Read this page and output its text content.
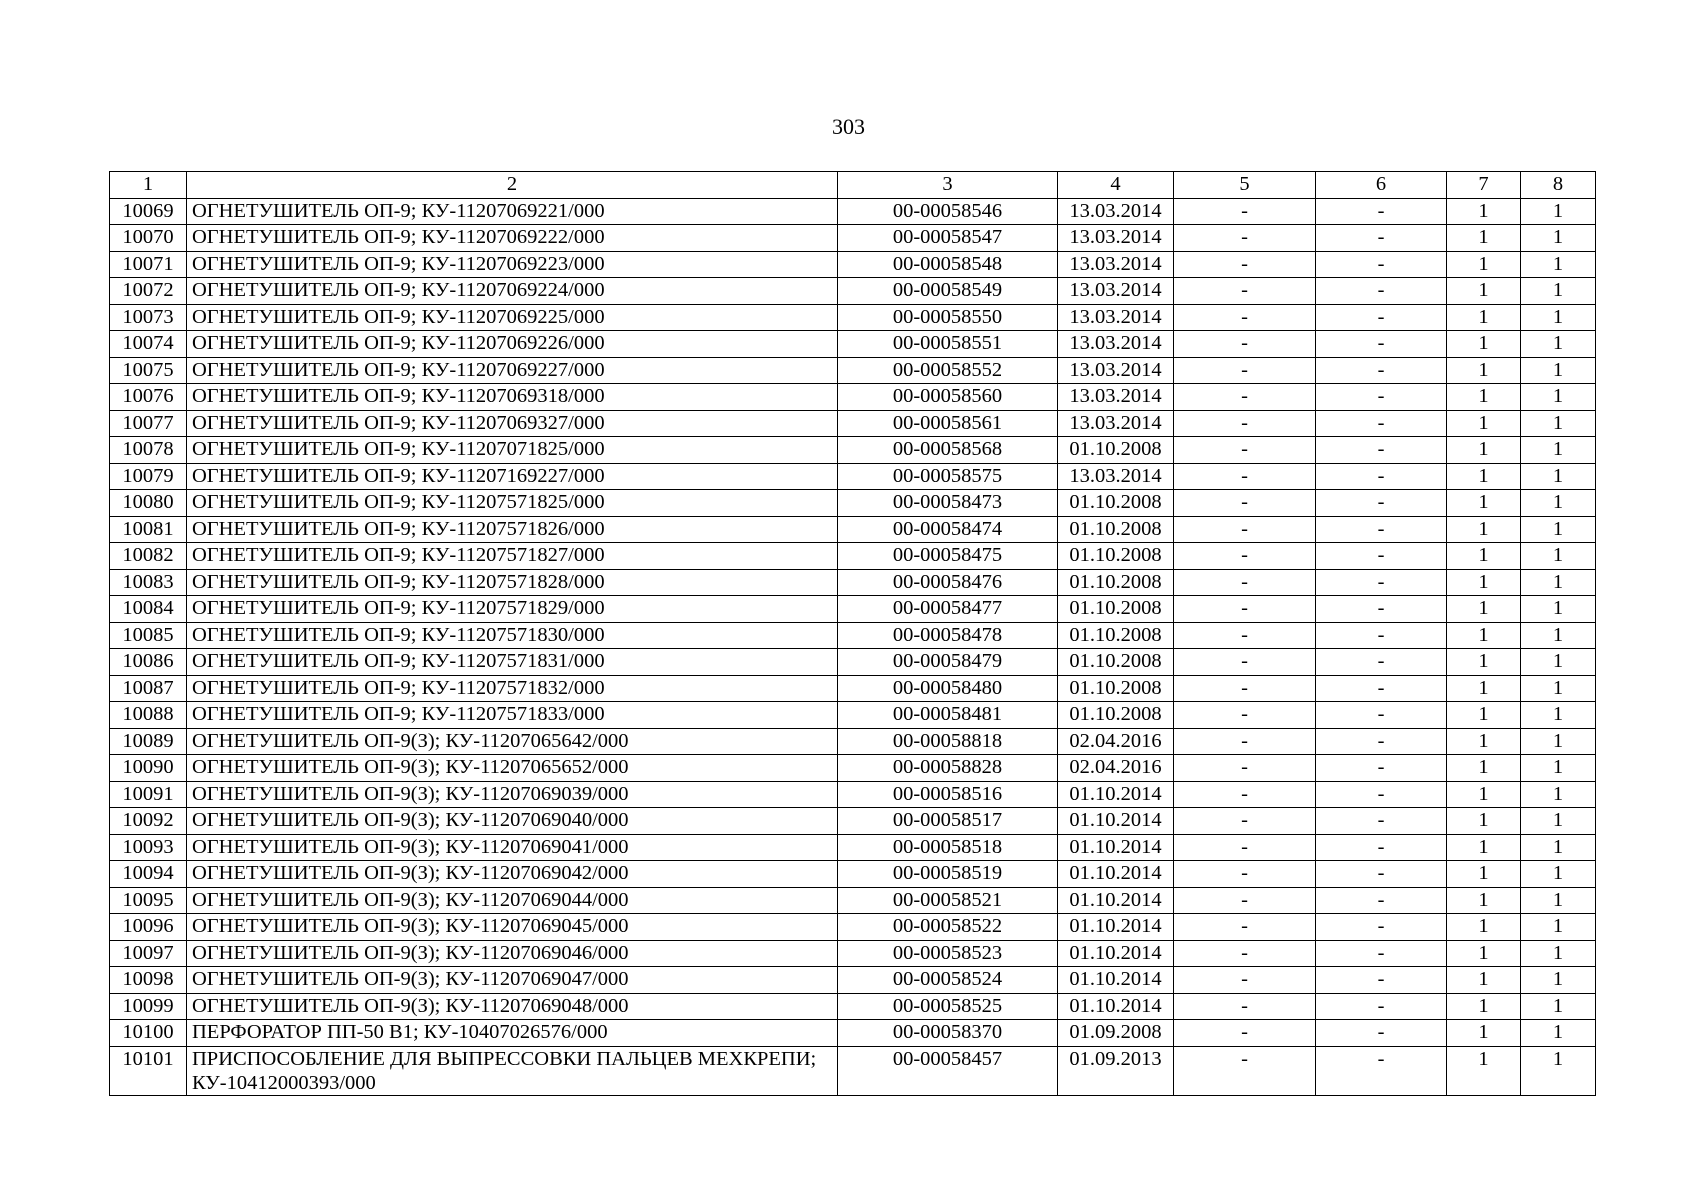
303
1	2	3	4	5	6	7	8
10069	ОГНЕТУШИТЕЛЬ ОП-9; КУ-11207069221/000	00-00058546	13.03.2014	-	-	1	1
10070	ОГНЕТУШИТЕЛЬ ОП-9; КУ-11207069222/000	00-00058547	13.03.2014	-	-	1	1
10071	ОГНЕТУШИТЕЛЬ ОП-9; КУ-11207069223/000	00-00058548	13.03.2014	-	-	1	1
10072	ОГНЕТУШИТЕЛЬ ОП-9; КУ-11207069224/000	00-00058549	13.03.2014	-	-	1	1
10073	ОГНЕТУШИТЕЛЬ ОП-9; КУ-11207069225/000	00-00058550	13.03.2014	-	-	1	1
10074	ОГНЕТУШИТЕЛЬ ОП-9; КУ-11207069226/000	00-00058551	13.03.2014	-	-	1	1
10075	ОГНЕТУШИТЕЛЬ ОП-9; КУ-11207069227/000	00-00058552	13.03.2014	-	-	1	1
10076	ОГНЕТУШИТЕЛЬ ОП-9; КУ-11207069318/000	00-00058560	13.03.2014	-	-	1	1
10077	ОГНЕТУШИТЕЛЬ ОП-9; КУ-11207069327/000	00-00058561	13.03.2014	-	-	1	1
10078	ОГНЕТУШИТЕЛЬ ОП-9; КУ-11207071825/000	00-00058568	01.10.2008	-	-	1	1
10079	ОГНЕТУШИТЕЛЬ ОП-9; КУ-11207169227/000	00-00058575	13.03.2014	-	-	1	1
10080	ОГНЕТУШИТЕЛЬ ОП-9; КУ-11207571825/000	00-00058473	01.10.2008	-	-	1	1
10081	ОГНЕТУШИТЕЛЬ ОП-9; КУ-11207571826/000	00-00058474	01.10.2008	-	-	1	1
10082	ОГНЕТУШИТЕЛЬ ОП-9; КУ-11207571827/000	00-00058475	01.10.2008	-	-	1	1
10083	ОГНЕТУШИТЕЛЬ ОП-9; КУ-11207571828/000	00-00058476	01.10.2008	-	-	1	1
10084	ОГНЕТУШИТЕЛЬ ОП-9; КУ-11207571829/000	00-00058477	01.10.2008	-	-	1	1
10085	ОГНЕТУШИТЕЛЬ ОП-9; КУ-11207571830/000	00-00058478	01.10.2008	-	-	1	1
10086	ОГНЕТУШИТЕЛЬ ОП-9; КУ-11207571831/000	00-00058479	01.10.2008	-	-	1	1
10087	ОГНЕТУШИТЕЛЬ ОП-9; КУ-11207571832/000	00-00058480	01.10.2008	-	-	1	1
10088	ОГНЕТУШИТЕЛЬ ОП-9; КУ-11207571833/000	00-00058481	01.10.2008	-	-	1	1
10089	ОГНЕТУШИТЕЛЬ ОП-9(З); КУ-11207065642/000	00-00058818	02.04.2016	-	-	1	1
10090	ОГНЕТУШИТЕЛЬ ОП-9(З); КУ-11207065652/000	00-00058828	02.04.2016	-	-	1	1
10091	ОГНЕТУШИТЕЛЬ ОП-9(З); КУ-11207069039/000	00-00058516	01.10.2014	-	-	1	1
10092	ОГНЕТУШИТЕЛЬ ОП-9(З); КУ-11207069040/000	00-00058517	01.10.2014	-	-	1	1
10093	ОГНЕТУШИТЕЛЬ ОП-9(З); КУ-11207069041/000	00-00058518	01.10.2014	-	-	1	1
10094	ОГНЕТУШИТЕЛЬ ОП-9(З); КУ-11207069042/000	00-00058519	01.10.2014	-	-	1	1
10095	ОГНЕТУШИТЕЛЬ ОП-9(З); КУ-11207069044/000	00-00058521	01.10.2014	-	-	1	1
10096	ОГНЕТУШИТЕЛЬ ОП-9(З); КУ-11207069045/000	00-00058522	01.10.2014	-	-	1	1
10097	ОГНЕТУШИТЕЛЬ ОП-9(З); КУ-11207069046/000	00-00058523	01.10.2014	-	-	1	1
10098	ОГНЕТУШИТЕЛЬ ОП-9(З); КУ-11207069047/000	00-00058524	01.10.2014	-	-	1	1
10099	ОГНЕТУШИТЕЛЬ ОП-9(З); КУ-11207069048/000	00-00058525	01.10.2014	-	-	1	1
10100	ПЕРФОРАТОР ПП-50 В1; КУ-10407026576/000	00-00058370	01.09.2008	-	-	1	1
10101	ПРИСПОСОБЛЕНИЕ ДЛЯ ВЫПРЕССОВКИ ПАЛЬЦЕВ МЕХКРЕПИ; КУ-10412000393/000	00-00058457	01.09.2013	-	-	1	1
